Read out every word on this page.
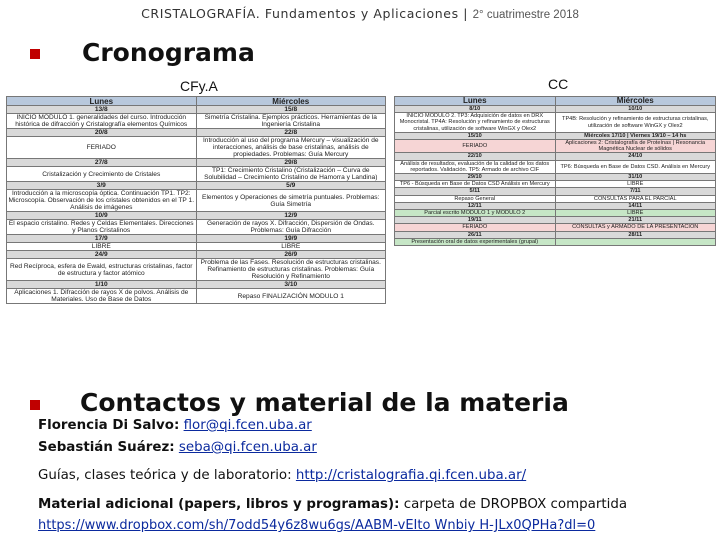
CRISTALOGRAFÍA. Fundamentos y Aplicaciones | 2° cuatrimestre 2018
Cronograma
CFy.A	CC
Lunes	Miércoles
13/8	15/8
INICIO MODULO 1. generalidades del curso. Introducción histórica de difracción y Cristalografía elementos Químicos	Simetría Cristalina. Ejemplos prácticos. Herramientas de la Ingeniería Cristalina
20/8	22/8
FERIADO	Introducción al uso del programa Mercury – visualización de interacciones, análisis de base cristalinas, análisis de propiedades. Problemas: Guía Mercury
27/8	29/8
Cristalización y Crecimiento de Cristales	TP1: Crecimiento Cristalino (Cristalización – Curva de Solubilidad – Crecimiento Cristalino de Hamorra y Landina)
3/9	5/9
Introducción a la microscopía óptica. Continuación TP1. TP2: Microscopía. Observación de los cristales obtenidos en el TP 1. Análisis de imágenes	Elementos y Operaciones de simetría puntuales. Problemas: Guía Simetría
10/9	12/9
El espacio cristalino. Redes y Celdas Elementales. Direcciones y Planos Cristalinos	Generación de rayos X. Difracción, Dispersión de Ondas. Problemas: Guía Difracción
17/9	19/9
LIBRE	LIBRE
24/9	26/9
Red Recíproca, esfera de Ewald, estructuras cristalinas, factor de estructura y factor atómico	Problema de las Fases. Resolución de estructuras cristalinas. Refinamiento de estructuras cristalinas. Problemas: Guía Resolución y Refinamiento
1/10	3/10
Aplicaciones 1. Difracción de rayos X de polvos. Análisis de Materiales. Uso de Base de Datos	Repaso FINALIZACIÓN MODULO 1
Lunes	Miércoles
8/10	10/10
INICIO MODULO 2. TP3: Adquisición de datos en DRX Monocristal. TP4A: Resolución y refinamiento de estructuras cristalinas, utilización de software WinGX y Olex2	TP4B: Resolución y refinamiento de estructuras cristalinas, utilización de software WinGX y Olex2
15/10	Miércoles 17/10 | Viernes 19/10 – 14 hs
FERIADO	Aplicaciones 2: Cristalografía de Proteínas | Resonancia Magnética Nuclear de sólidos
22/10	24/10
Análisis de resultados, evaluación de la calidad de los datos reportados. Validación. TP5: Armado de archivo CIF	TP6: Búsqueda en Base de Datos CSD. Análisis en Mercury
29/10	31/10
TP6 - Búsqueda en Base de Datos CSD Análisis en Mercury	LIBRE
5/11	7/11
Repaso General	CONSULTAS PARA EL PARCIAL
12/11	14/11
Parcial escrito MODULO 1 y MODULO 2	LIBRE
19/11	21/11
FERIADO	CONSULTAS y ARMADO DE LA PRESENTACIÓN
26/11	28/11
Presentación oral de datos experimentales (grupal)	
Contactos y material de la materia
Florencia Di Salvo: flor@qi.fcen.uba.ar
Sebastián Suárez: seba@qi.fcen.uba.ar
Guías, clases teórica y de laboratorio: http://cristalografia.qi.fcen.uba.ar/
Material adicional (papers, libros y programas): carpeta de DROPBOX compartida
https://www.dropbox.com/sh/7odd54y6z8wu6gs/AABM-vEIto Wnbiy H-JLx0QPHa?dl=0
